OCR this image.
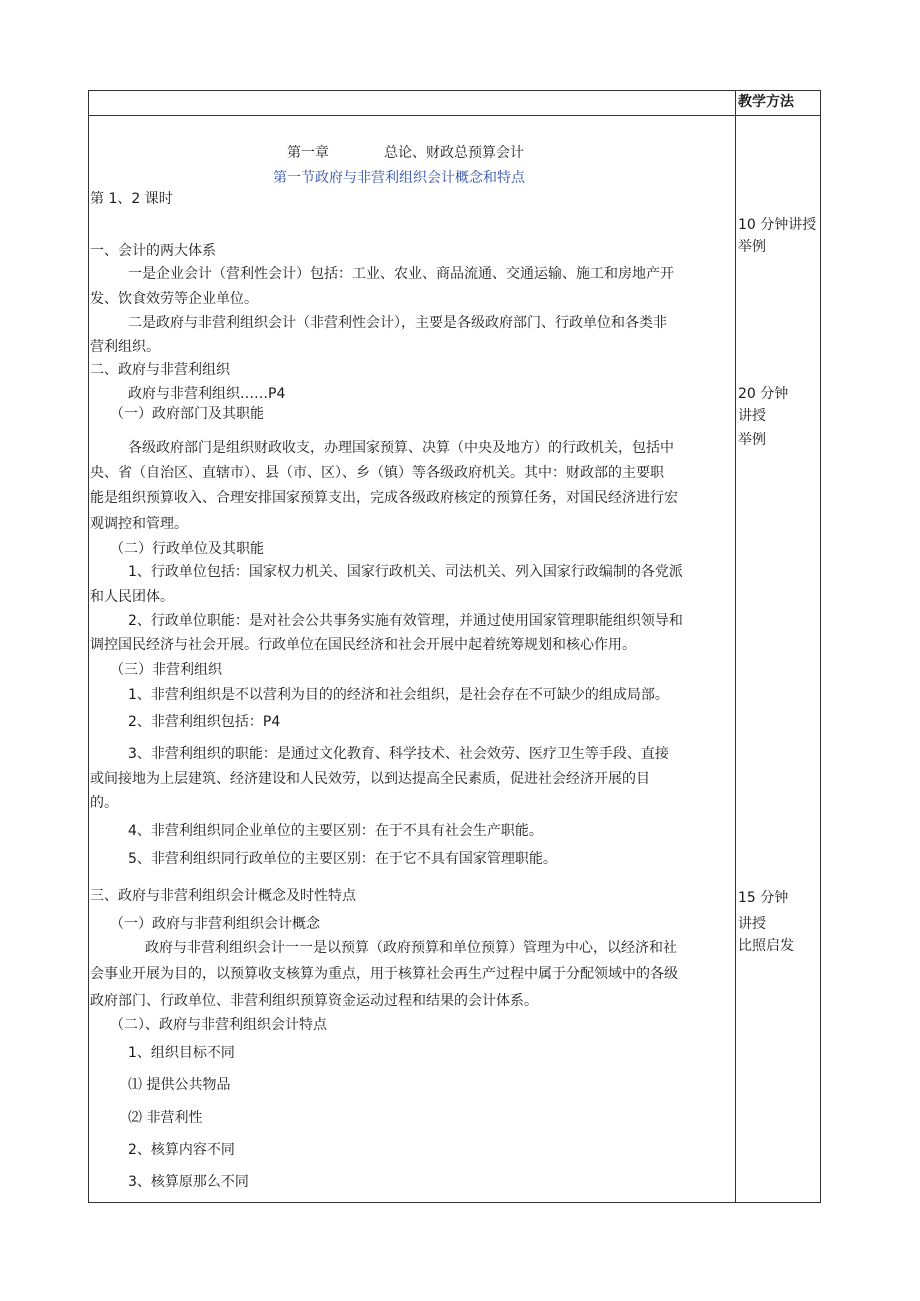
教学方法
第一章	总论、财政总预算会计
第一节政府与非营利组织会计概念和特点
第 1、2 课时
一、会计的两大体系
一是企业会计（营利性会计）包括：工业、农业、商品流通、交通运输、施工和房地产开
发、饮食效劳等企业单位。
二是政府与非营利组织会计（非营利性会计），主要是各级政府部门、行政单位和各类非
营利组织。
二、政府与非营利组织
政府与非营利组织……P4
（一）政府部门及其职能
各级政府部门是组织财政收支，办理国家预算、决算（中央及地方）的行政机关，包括中
央、省（自治区、直辖市）、县（市、区）、乡（镇）等各级政府机关。其中：财政部的主要职
能是组织预算收入、合理安排国家预算支出，完成各级政府核定的预算任务，对国民经济进行宏
观调控和管理。
（二）行政单位及其职能
1、行政单位包括：国家权力机关、国家行政机关、司法机关、列入国家行政编制的各党派
和人民团体。
2、行政单位职能：是对社会公共事务实施有效管理，并通过使用国家管理职能组织领导和
调控国民经济与社会开展。行政单位在国民经济和社会开展中起着统筹规划和核心作用。
（三）非营利组织
1、非营利组织是不以营利为目的的经济和社会组织，是社会存在不可缺少的组成局部。
2、非营利组织包括：P4
3、非营利组织的职能：是通过文化教育、科学技术、社会效劳、医疗卫生等手段、直接
或间接地为上层建筑、经济建设和人民效劳，以到达提高全民素质，促进社会经济开展的目
的。
4、非营利组织同企业单位的主要区别：在于不具有社会生产职能。
5、非营利组织同行政单位的主要区别：在于它不具有国家管理职能。
三、政府与非营利组织会计概念及时性特点
（一）政府与非营利组织会计概念
政府与非营利组织会计一一是以预算（政府预算和单位预算）管理为中心，以经济和社
会事业开展为目的，以预算收支核算为重点，用于核算社会再生产过程中属于分配领域中的各级
政府部门、行政单位、非营利组织预算资金运动过程和结果的会计体系。
（二）、政府与非营利组织会计特点
1、组织目标不同
⑴ 提供公共物品
⑵ 非营利性
2、核算内容不同
3、核算原那么不同
10 分钟讲授
举例
20 分钟
讲授
举例
15 分钟
讲授
比照启发
